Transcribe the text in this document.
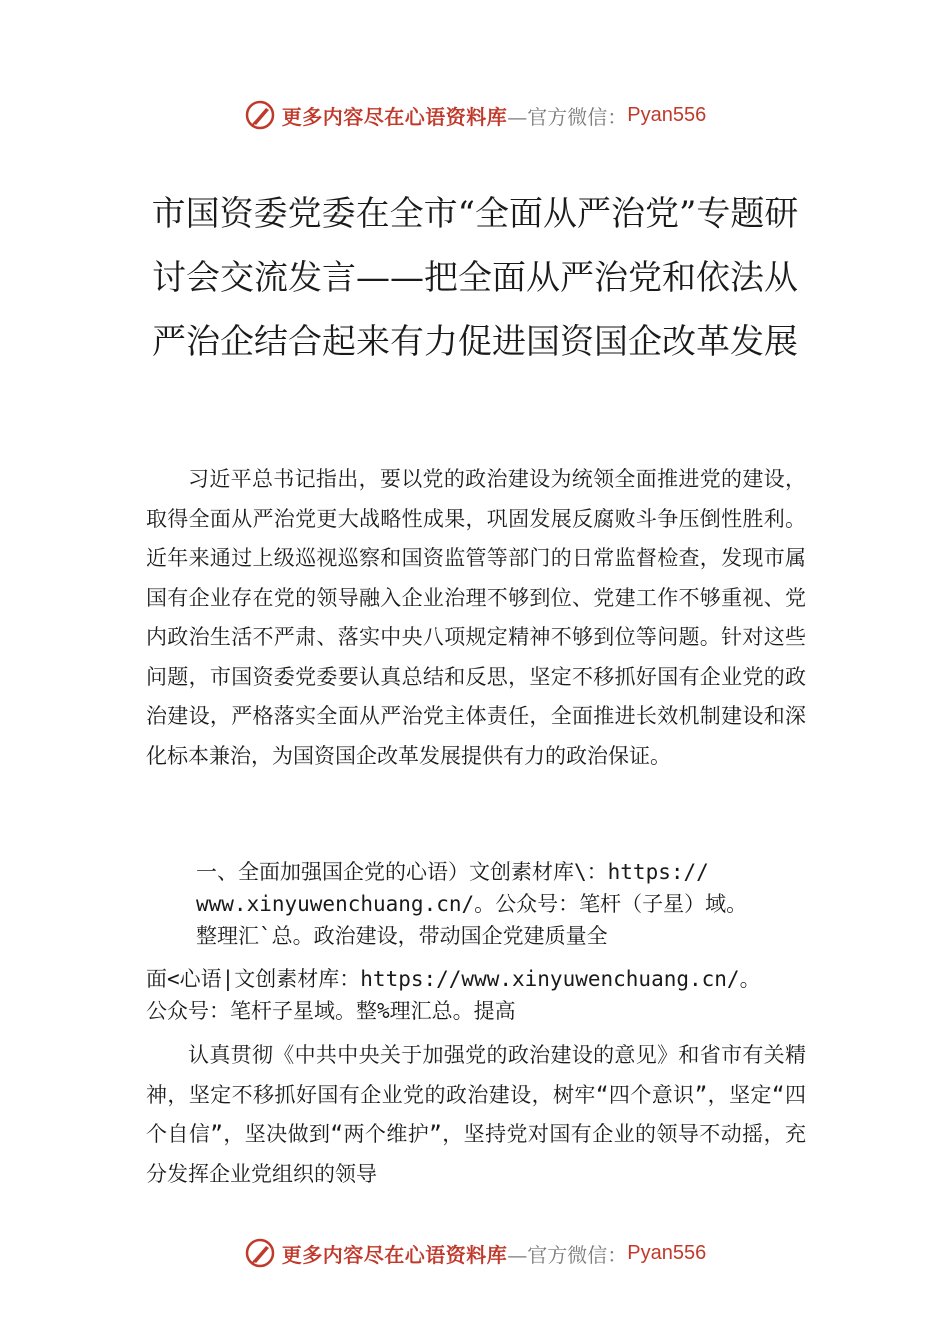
更多内容尽在心语资料库 —官方微信： Pyan556
市国资委党委在全市“全面从严治党”专题研讨会交流发言——把全面从严治党和依法从严治企结合起来有力促进国资国企改革发展

习近平总书记指出，要以党的政治建设为统领全面推进党的建设，取得全面从严治党更大战略性成果，巩固发展反腐败斗争压倒性胜利。近年来通过上级巡视巡察和国资监管等部门的日常监督检查，发现市属国有企业存在党的领导融入企业治理不够到位、党建工作不够重视、党内政治生活不严肃、落实中央八项规定精神不够到位等问题。针对这些问题，市国资委党委要认真总结和反思，坚定不移抓好国有企业党的政治建设，严格落实全面从严治党主体责任，全面推进长效机制建设和深化标本兼治，为国资国企改革发展提供有力的政治保证。

一、全面加强国企党的心语）文创素材库\：https://
www.xinyuwenchuang.cn/。公众号：笔杆（子星）域。
整理汇`总。政治建设，带动国企党建质量全
面<心语|文创素材库：https://www.xinyuwenchuang.cn/。
公众号：笔杆子星域。整%理汇总。提高

认真贯彻《中共中央关于加强党的政治建设的意见》和省市有关精神，坚定不移抓好国有企业党的政治建设，树牢“四个意识”，坚定“四个自信”，坚决做到“两个维护”，坚持党对国有企业的领导不动摇，充分发挥企业党组织的领导

更多内容尽在心语资料库 —官方微信： Pyan556
